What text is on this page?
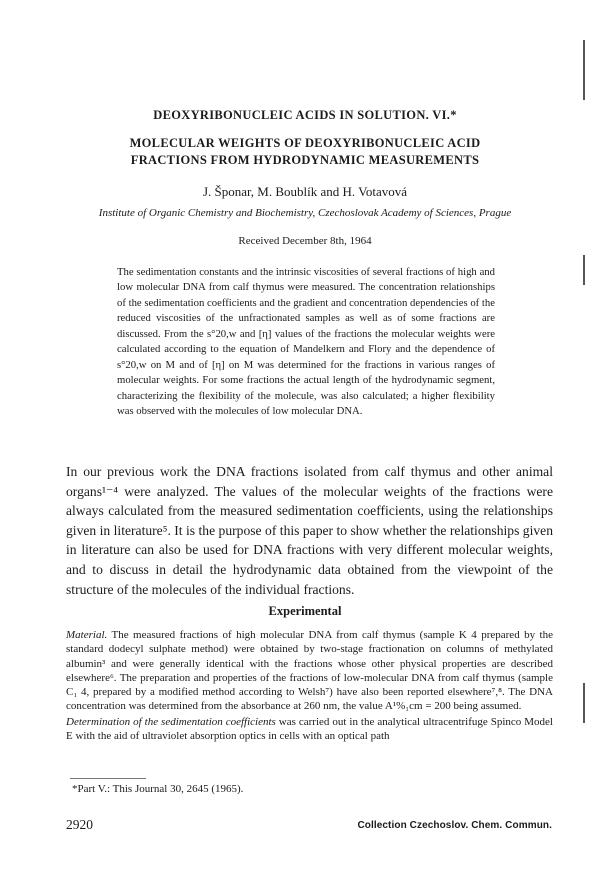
DEOXYRIBONUCLEIC ACIDS IN SOLUTION. VI.*
MOLECULAR WEIGHTS OF DEOXYRIBONUCLEIC ACID
FRACTIONS FROM HYDRODYNAMIC MEASUREMENTS
J. Šponar, M. Boublík and H. Votavová
Institute of Organic Chemistry and Biochemistry, Czechoslovak Academy of Sciences, Prague
Received December 8th, 1964

The sedimentation constants and the intrinsic viscosities of several fractions of high and low molecular DNA from calf thymus were measured. The concentration relationships of the sedimentation coefficients and the gradient and concentration dependencies of the reduced viscosities of the unfractionated samples as well as of some fractions are discussed. From the s°20,w and [η] values of the fractions the molecular weights were calculated according to the equation of Mandelkern and Flory and the dependence of s°20,w on M and of [η] on M was determined for the fractions in various ranges of molecular weights. For some fractions the actual length of the hydrodynamic segment, characterizing the flexibility of the molecule, was also calculated; a higher flexibility was observed with the molecules of low molecular DNA.

In our previous work the DNA fractions isolated from calf thymus and other animal organs¹⁻⁴ were analyzed. The values of the molecular weights of the fractions were always calculated from the measured sedimentation coefficients, using the relationships given in literature⁵. It is the purpose of this paper to show whether the relationships given in literature can also be used for DNA fractions with very different molecular weights, and to discuss in detail the hydrodynamic data obtained from the viewpoint of the structure of the molecules of the individual fractions.

Experimental

Material. The measured fractions of high molecular DNA from calf thymus (sample K 4 prepared by the standard dodecyl sulphate method) were obtained by two-stage fractionation on columns of methylated albumin³ and were generally identical with the fractions whose other physical properties are described elsewhere⁶. The preparation and properties of the fractions of low-molecular DNA from calf thymus (sample C₁ 4, prepared by a modified method according to Welsh⁷) have also been reported elsewhere⁷,⁸. The DNA concentration was determined from the absorbance at 260 nm, the value A¹%₁cm = 200 being assumed.

Determination of the sedimentation coefficients was carried out in the analytical ultracentrifuge Spinco Model E with the aid of ultraviolet absorption optics in cells with an optical path

*Part V.: This Journal 30, 2645 (1965).
2920	Collection Czechoslov. Chem. Commun.
